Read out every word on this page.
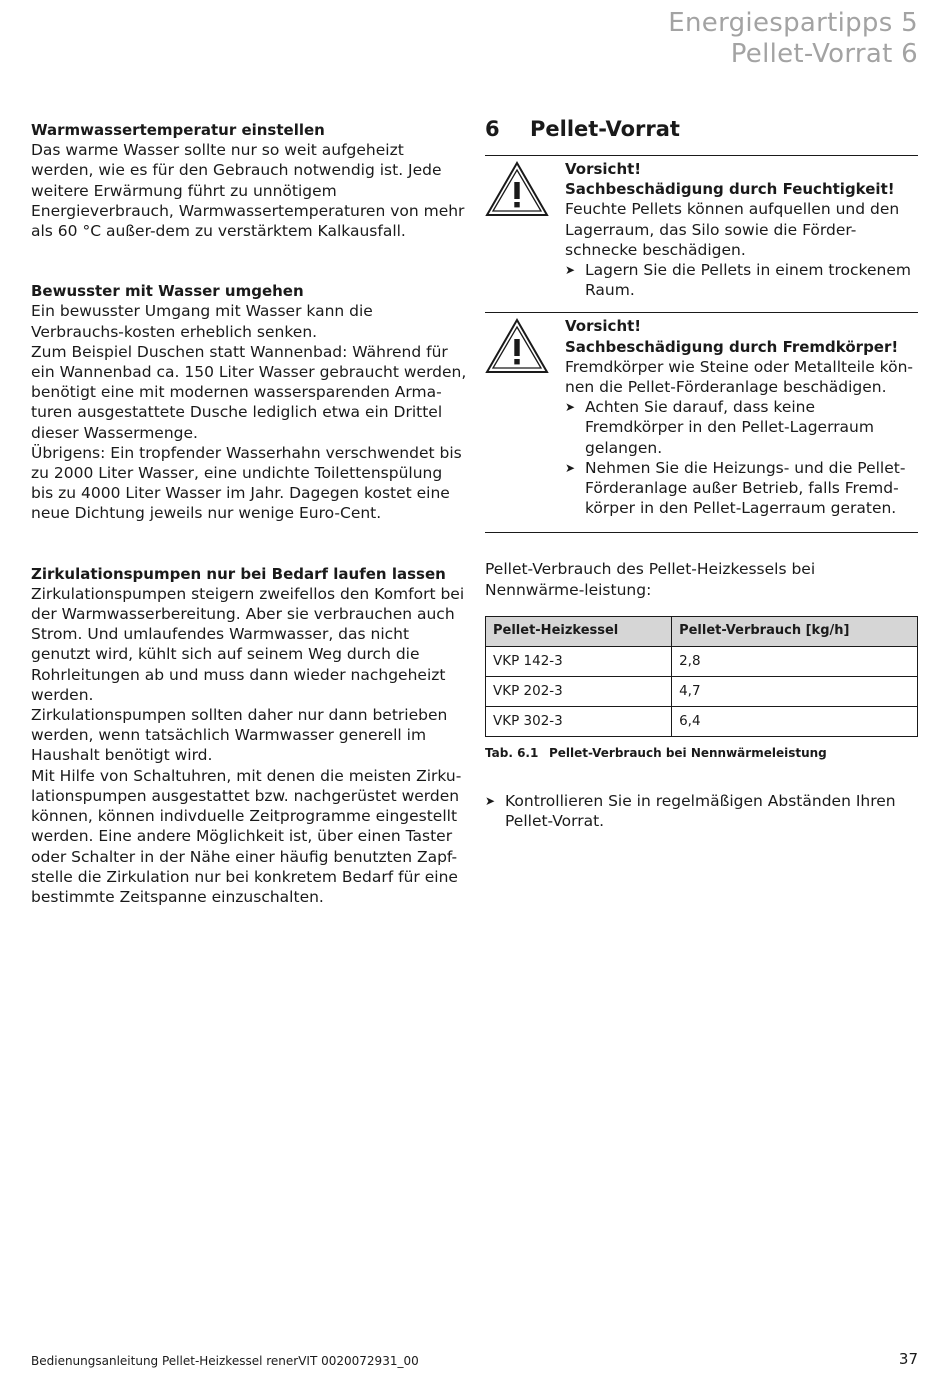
Energiespartipps 5
Pellet-Vorrat 6

Warmwassertemperatur einstellen

Das warme Wasser sollte nur so weit aufgeheizt werden, wie es für den Gebrauch notwendig ist. Jede weitere Erwärmung führt zu unnötigem Energieverbrauch, Warmwassertemperaturen von mehr als 60 °C außer-dem zu verstärktem Kalkausfall.

Bewusster mit Wasser umgehen

Ein bewusster Umgang mit Wasser kann die Verbrauchs-kosten erheblich senken.

Zum Beispiel Duschen statt Wannenbad: Während für ein Wannenbad ca. 150 Liter Wasser gebraucht werden, benötigt eine mit modernen wassersparenden Arma-turen ausgestattete Dusche lediglich etwa ein Drittel dieser Wassermenge.

Übrigens: Ein tropfender Wasserhahn verschwendet bis zu 2000 Liter Wasser, eine undichte Toilettenspülung bis zu 4000 Liter Wasser im Jahr. Dagegen kostet eine neue Dichtung jeweils nur wenige Euro-Cent.

Zirkulationspumpen nur bei Bedarf laufen lassen

Zirkulationspumpen steigern zweifellos den Komfort bei der Warmwasserbereitung. Aber sie verbrauchen auch Strom. Und umlaufendes Warmwasser, das nicht genutzt wird, kühlt sich auf seinem Weg durch die Rohrleitungen ab und muss dann wieder nachgeheizt werden.

Zirkulationspumpen sollten daher nur dann betrieben werden, wenn tatsächlich Warmwasser generell im Haushalt benötigt wird.

Mit Hilfe von Schaltuhren, mit denen die meisten Zirku-lationspumpen ausgestattet bzw. nachgerüstet werden können, können indivduelle Zeitprogramme eingestellt werden. Eine andere Möglichkeit ist, über einen Taster oder Schalter in der Nähe einer häufig benutzten Zapf-stelle die Zirkulation nur bei konkretem Bedarf für eine bestimmte Zeitspanne einzuschalten.

6 Pellet-Vorrat
Vorsicht!
Sachbeschädigung durch Feuchtigkeit!
Feuchte Pellets können aufquellen und den Lagerraum, das Silo sowie die Förder-schnecke beschädigen.
➤ Lagern Sie die Pellets in einem trockenem Raum.
Vorsicht!
Sachbeschädigung durch Fremdkörper!
Fremdkörper wie Steine oder Metallteile kön-nen die Pellet-Förderanlage beschädigen.
➤ Achten Sie darauf, dass keine Fremdkörper in den Pellet-Lagerraum gelangen.
➤ Nehmen Sie die Heizungs- und die Pellet-Förderanlage außer Betrieb, falls Fremd-körper in den Pellet-Lagerraum geraten.
Pellet-Verbrauch des Pellet-Heizkessels bei Nennwärme-leistung:
Pellet-Heizkessel	Pellet-Verbrauch [kg/h]
VKP 142-3	2,8
VKP 202-3	4,7
VKP 302-3	6,4
Tab. 6.1 Pellet-Verbrauch bei Nennwärmeleistung
➤ Kontrollieren Sie in regelmäßigen Abständen Ihren Pellet-Vorrat.
Bedienungsanleitung Pellet-Heizkessel renerVIT 0020072931_00	37
